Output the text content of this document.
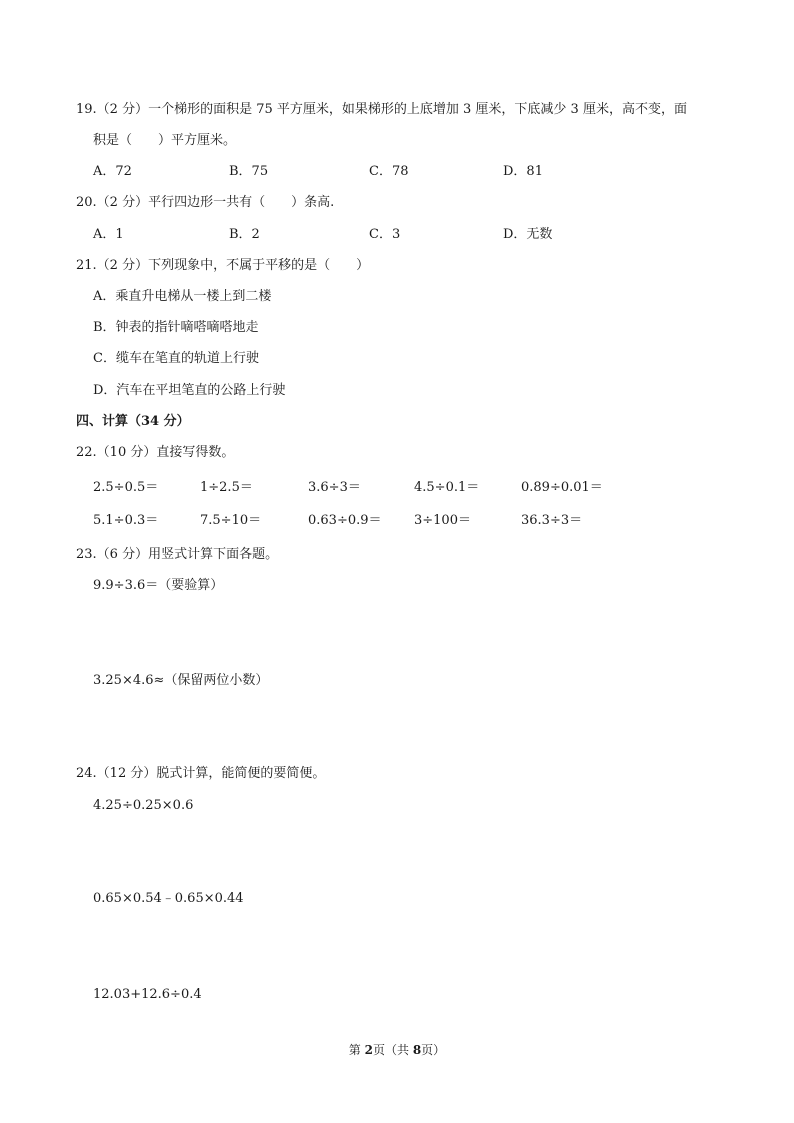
19.（2 分）一个梯形的面积是 75 平方厘米，如果梯形的上底增加 3 厘米，下底减少 3 厘米，高不变，面
积是（　　）平方厘米。
A．72	B．75	C．78	D．81
20.（2 分）平行四边形一共有（　　）条高.
A．1	B．2	C．3	D．无数
21.（2 分）下列现象中，不属于平移的是（　　）
A．乘直升电梯从一楼上到二楼
B．钟表的指针嘀嗒嘀嗒地走
C．缆车在笔直的轨道上行驶
D．汽车在平坦笔直的公路上行驶
四、计算（34 分）
22.（10 分）直接写得数。
2.5÷0.5＝	1÷2.5＝	3.6÷3＝	4.5÷0.1＝	0.89÷0.01＝
5.1÷0.3＝	7.5÷10＝	0.63÷0.9＝ 3÷100＝	36.3÷3＝
23.（6 分）用竖式计算下面各题。
9.9÷3.6＝（要验算）
3.25×4.6≈（保留两位小数）
24.（12 分）脱式计算，能简便的要简便。
4.25÷0.25×0.6
0.65×0.54﹣0.65×0.44
12.03+12.6÷0.4
第 2页（共 8页）
